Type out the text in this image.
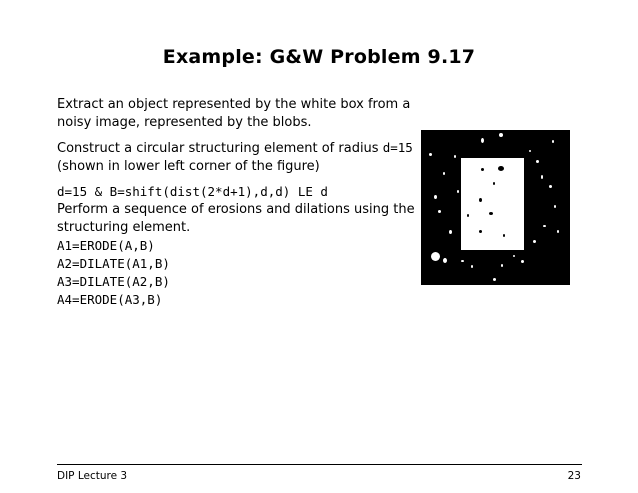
Example: G&W Problem 9.17
Extract an object represented by the white box from a
noisy image, represented by the blobs.
Construct a circular structuring element of radius d=15
(shown in lower left corner of the figure)
d=15 & B=shift(dist(2*d+1),d,d) LE d
Perform a sequence of erosions and dilations using the
structuring element.
A1=ERODE(A,B)
A2=DILATE(A1,B)
A3=DILATE(A2,B)
A4=ERODE(A3,B)
DIP Lecture 3	23
